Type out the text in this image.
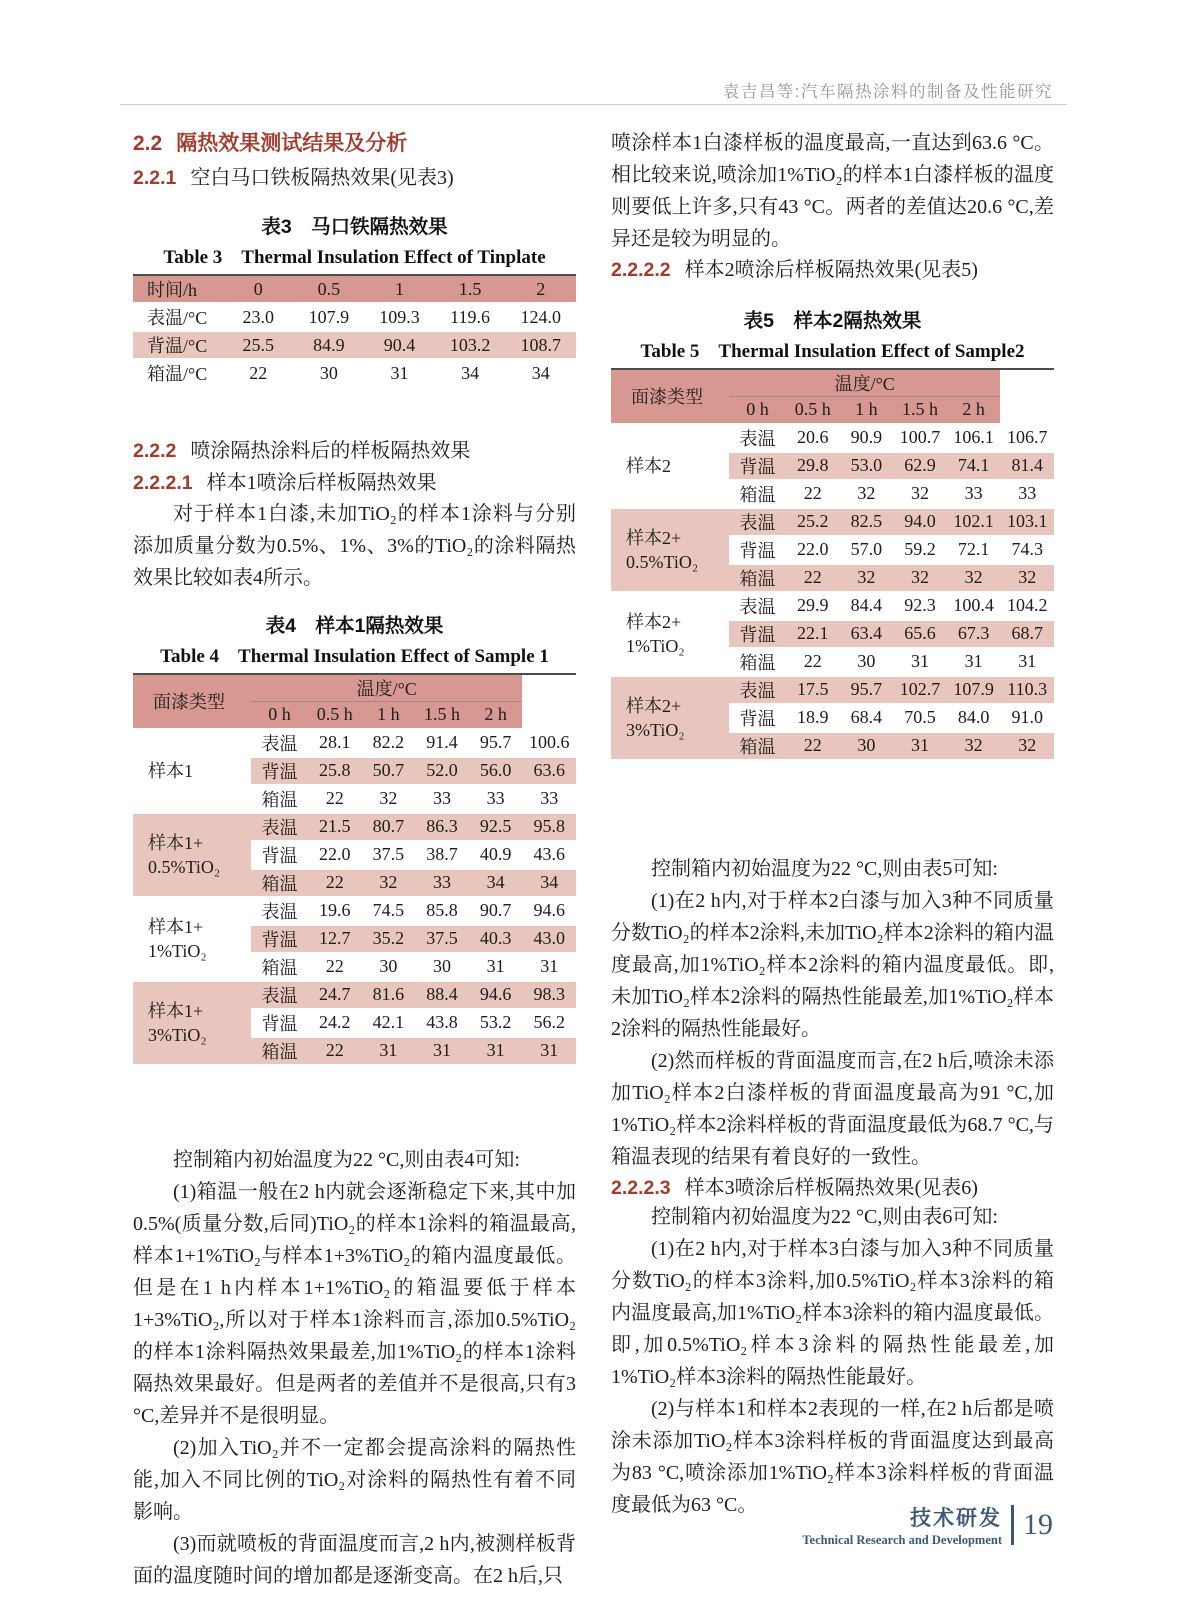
袁吉昌等:汽车隔热涂料的制备及性能研究
2.2 隔热效果测试结果及分析
2.2.1 空白马口铁板隔热效果(见表3)
表3　马口铁隔热效果
Table 3　Thermal Insulation Effect of Tinplate
时间/h	0	0.5	1	1.5	2
表温/°C	23.0	107.9	109.3	119.6	124.0
背温/°C	25.5	84.9	90.4	103.2	108.7
箱温/°C	22	30	31	34	34
2.2.2 喷涂隔热涂料后的样板隔热效果
2.2.2.1 样本1喷涂后样板隔热效果

对于样本1白漆,未加TiO₂的样本1涂料与分别添加质量分数为0.5%、1%、3%的TiO₂的涂料隔热效果比较如表4所示。

表4　样本1隔热效果
Table 4　Thermal Insulation Effect of Sample 1
面漆类型	温度/°C					
	0 h	0.5 h	1 h	1.5 h	2 h	

样本1	表温	28.1	82.2	91.4	95.7	100.6
	背温	25.8	50.7	52.0	56.0	63.6
	箱温	22	32	33	33	33

样本1+
0.5%TiO₂	表温	21.5	80.7	86.3	92.5	95.8
	背温	22.0	37.5	38.7	40.9	43.6
	箱温	22	32	33	34	34

样本1+
1%TiO₂	表温	19.6	74.5	85.8	90.7	94.6
	背温	12.7	35.2	37.5	40.3	43.0
	箱温	22	30	30	31	31

样本1+
3%TiO₂	表温	24.7	81.6	88.4	94.6	98.3
	背温	24.2	42.1	43.8	53.2	56.2
	箱温	22	31	31	31	31

控制箱内初始温度为22 °C,则由表4可知:

(1)箱温一般在2 h内就会逐渐稳定下来,其中加0.5%(质量分数,后同)TiO₂的样本1涂料的箱温最高,样本1+1%TiO₂与样本1+3%TiO₂的箱内温度最低。但是在1 h内样本1+1%TiO₂的箱温要低于样本1+3%TiO₂,所以对于样本1涂料而言,添加0.5%TiO₂的样本1涂料隔热效果最差,加1%TiO₂的样本1涂料隔热效果最好。但是两者的差值并不是很高,只有3 °C,差异并不是很明显。

(2)加入TiO₂并不一定都会提高涂料的隔热性能,加入不同比例的TiO₂对涂料的隔热性有着不同影响。

(3)而就喷板的背面温度而言,2 h内,被测样板背面的温度随时间的增加都是逐渐变高。在2 h后,只

喷涂样本1白漆样板的温度最高,一直达到63.6 °C。相比较来说,喷涂加1%TiO₂的样本1白漆样板的温度则要低上许多,只有43 °C。两者的差值达20.6 °C,差异还是较为明显的。

2.2.2.2 样本2喷涂后样板隔热效果(见表5)
表5　样本2隔热效果
Table 5　Thermal Insulation Effect of Sample2
面漆类型	温度/°C					
	0 h	0.5 h	1 h	1.5 h	2 h	

样本2	表温	20.6	90.9	100.7	106.1	106.7
	背温	29.8	53.0	62.9	74.1	81.4
	箱温	22	32	32	33	33

样本2+
0.5%TiO₂	表温	25.2	82.5	94.0	102.1	103.1
	背温	22.0	57.0	59.2	72.1	74.3
	箱温	22	32	32	32	32

样本2+
1%TiO₂	表温	29.9	84.4	92.3	100.4	104.2
	背温	22.1	63.4	65.6	67.3	68.7
	箱温	22	30	31	31	31

样本2+
3%TiO₂	表温	17.5	95.7	102.7	107.9	110.3
	背温	18.9	68.4	70.5	84.0	91.0
	箱温	22	30	31	32	32

控制箱内初始温度为22 °C,则由表5可知:

(1)在2 h内,对于样本2白漆与加入3种不同质量分数TiO₂的样本2涂料,未加TiO₂样本2涂料的箱内温度最高,加1%TiO₂样本2涂料的箱内温度最低。即,未加TiO₂样本2涂料的隔热性能最差,加1%TiO₂样本2涂料的隔热性能最好。

(2)然而样板的背面温度而言,在2 h后,喷涂未添加TiO₂样本2白漆样板的背面温度最高为91 °C,加1%TiO₂样本2涂料样板的背面温度最低为68.7 °C,与箱温表现的结果有着良好的一致性。

2.2.2.3 样本3喷涂后样板隔热效果(见表6)

控制箱内初始温度为22 °C,则由表6可知:

(1)在2 h内,对于样本3白漆与加入3种不同质量分数TiO₂的样本3涂料,加0.5%TiO₂样本3涂料的箱内温度最高,加1%TiO₂样本3涂料的箱内温度最低。即,加0.5%TiO₂样本3涂料的隔热性能最差,加1%TiO₂样本3涂料的隔热性能最好。

(2)与样本1和样本2表现的一样,在2 h后都是喷涂未添加TiO₂样本3涂料样板的背面温度达到最高为83 °C,喷涂添加1%TiO₂样本3涂料样板的背面温度最低为63 °C。

技术研发
Technical Research and Development 19
